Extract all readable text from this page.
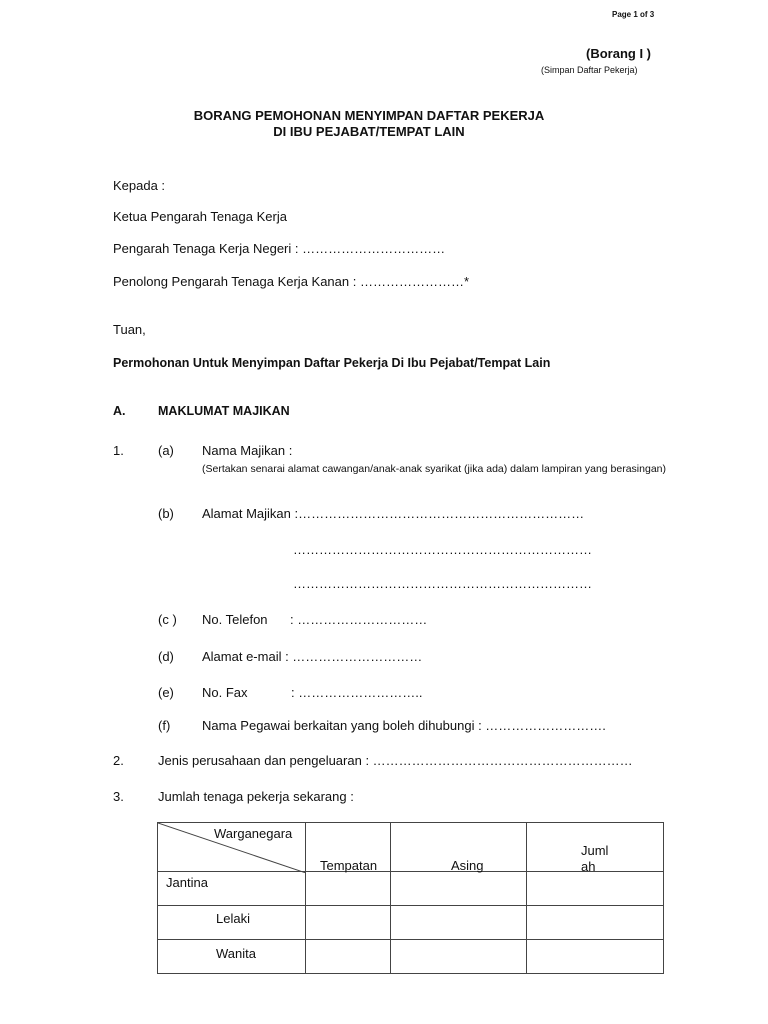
Page 1 of 3
(Borang I )
(Simpan Daftar Pekerja)
BORANG PEMOHONAN MENYIMPAN DAFTAR PEKERJA
DI IBU PEJABAT/TEMPAT LAIN
Kepada :
Ketua Pengarah Tenaga Kerja
Pengarah Tenaga Kerja Negeri : ……………………………
Penolong Pengarah Tenaga Kerja Kanan : ……………………*
Tuan,
Permohonan Untuk Menyimpan Daftar Pekerja Di Ibu Pejabat/Tempat Lain
A.	MAKLUMAT MAJIKAN
1.	(a) Nama Majikan :
(Sertakan senarai alamat cawangan/anak-anak syarikat (jika ada) dalam lampiran yang berasingan)
(b) Alamat Majikan :…………………………………………………………
……………………………………………………………
……………………………………………………………
(c ) No. Telefon : …………………………
(d) Alamat e-mail : …………………………
(e) No. Fax	: ………………………..
(f) Nama Pegawai berkaitan yang boleh dihubungi : ……………………….
2.	Jenis perusahaan dan pengeluaran : ……………………………………………………
3.	Jumlah tenaga pekerja sekarang :
Warganegara	Tempatan	Asing	Juml
ah

Jantina			

Lelaki			

Wanita			
